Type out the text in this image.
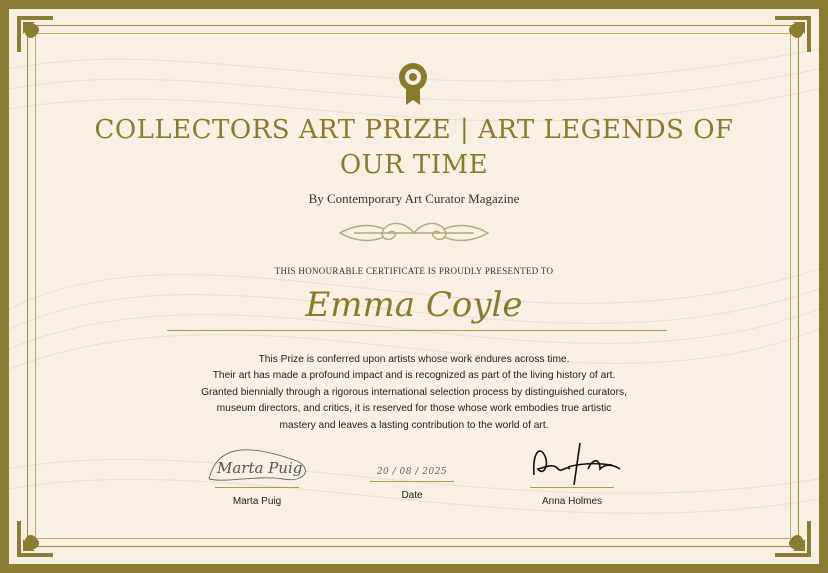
COLLECTORS ART PRIZE | ART LEGENDS OF OUR TIME
By Contemporary Art Curator Magazine
THIS HONOURABLE CERTIFICATE IS PROUDLY PRESENTED TO
Emma Coyle
This Prize is conferred upon artists whose work endures across time.
Their art has made a profound impact and is recognized as part of the living history of art.
Granted biennially through a rigorous international selection process by distinguished curators,
museum directors, and critics, it is reserved for those whose work embodies true artistic
mastery and leaves a lasting contribution to the world of art.
Marta Puig
Marta Puig
20 / 08 / 2025
Date
Anna Holmes
